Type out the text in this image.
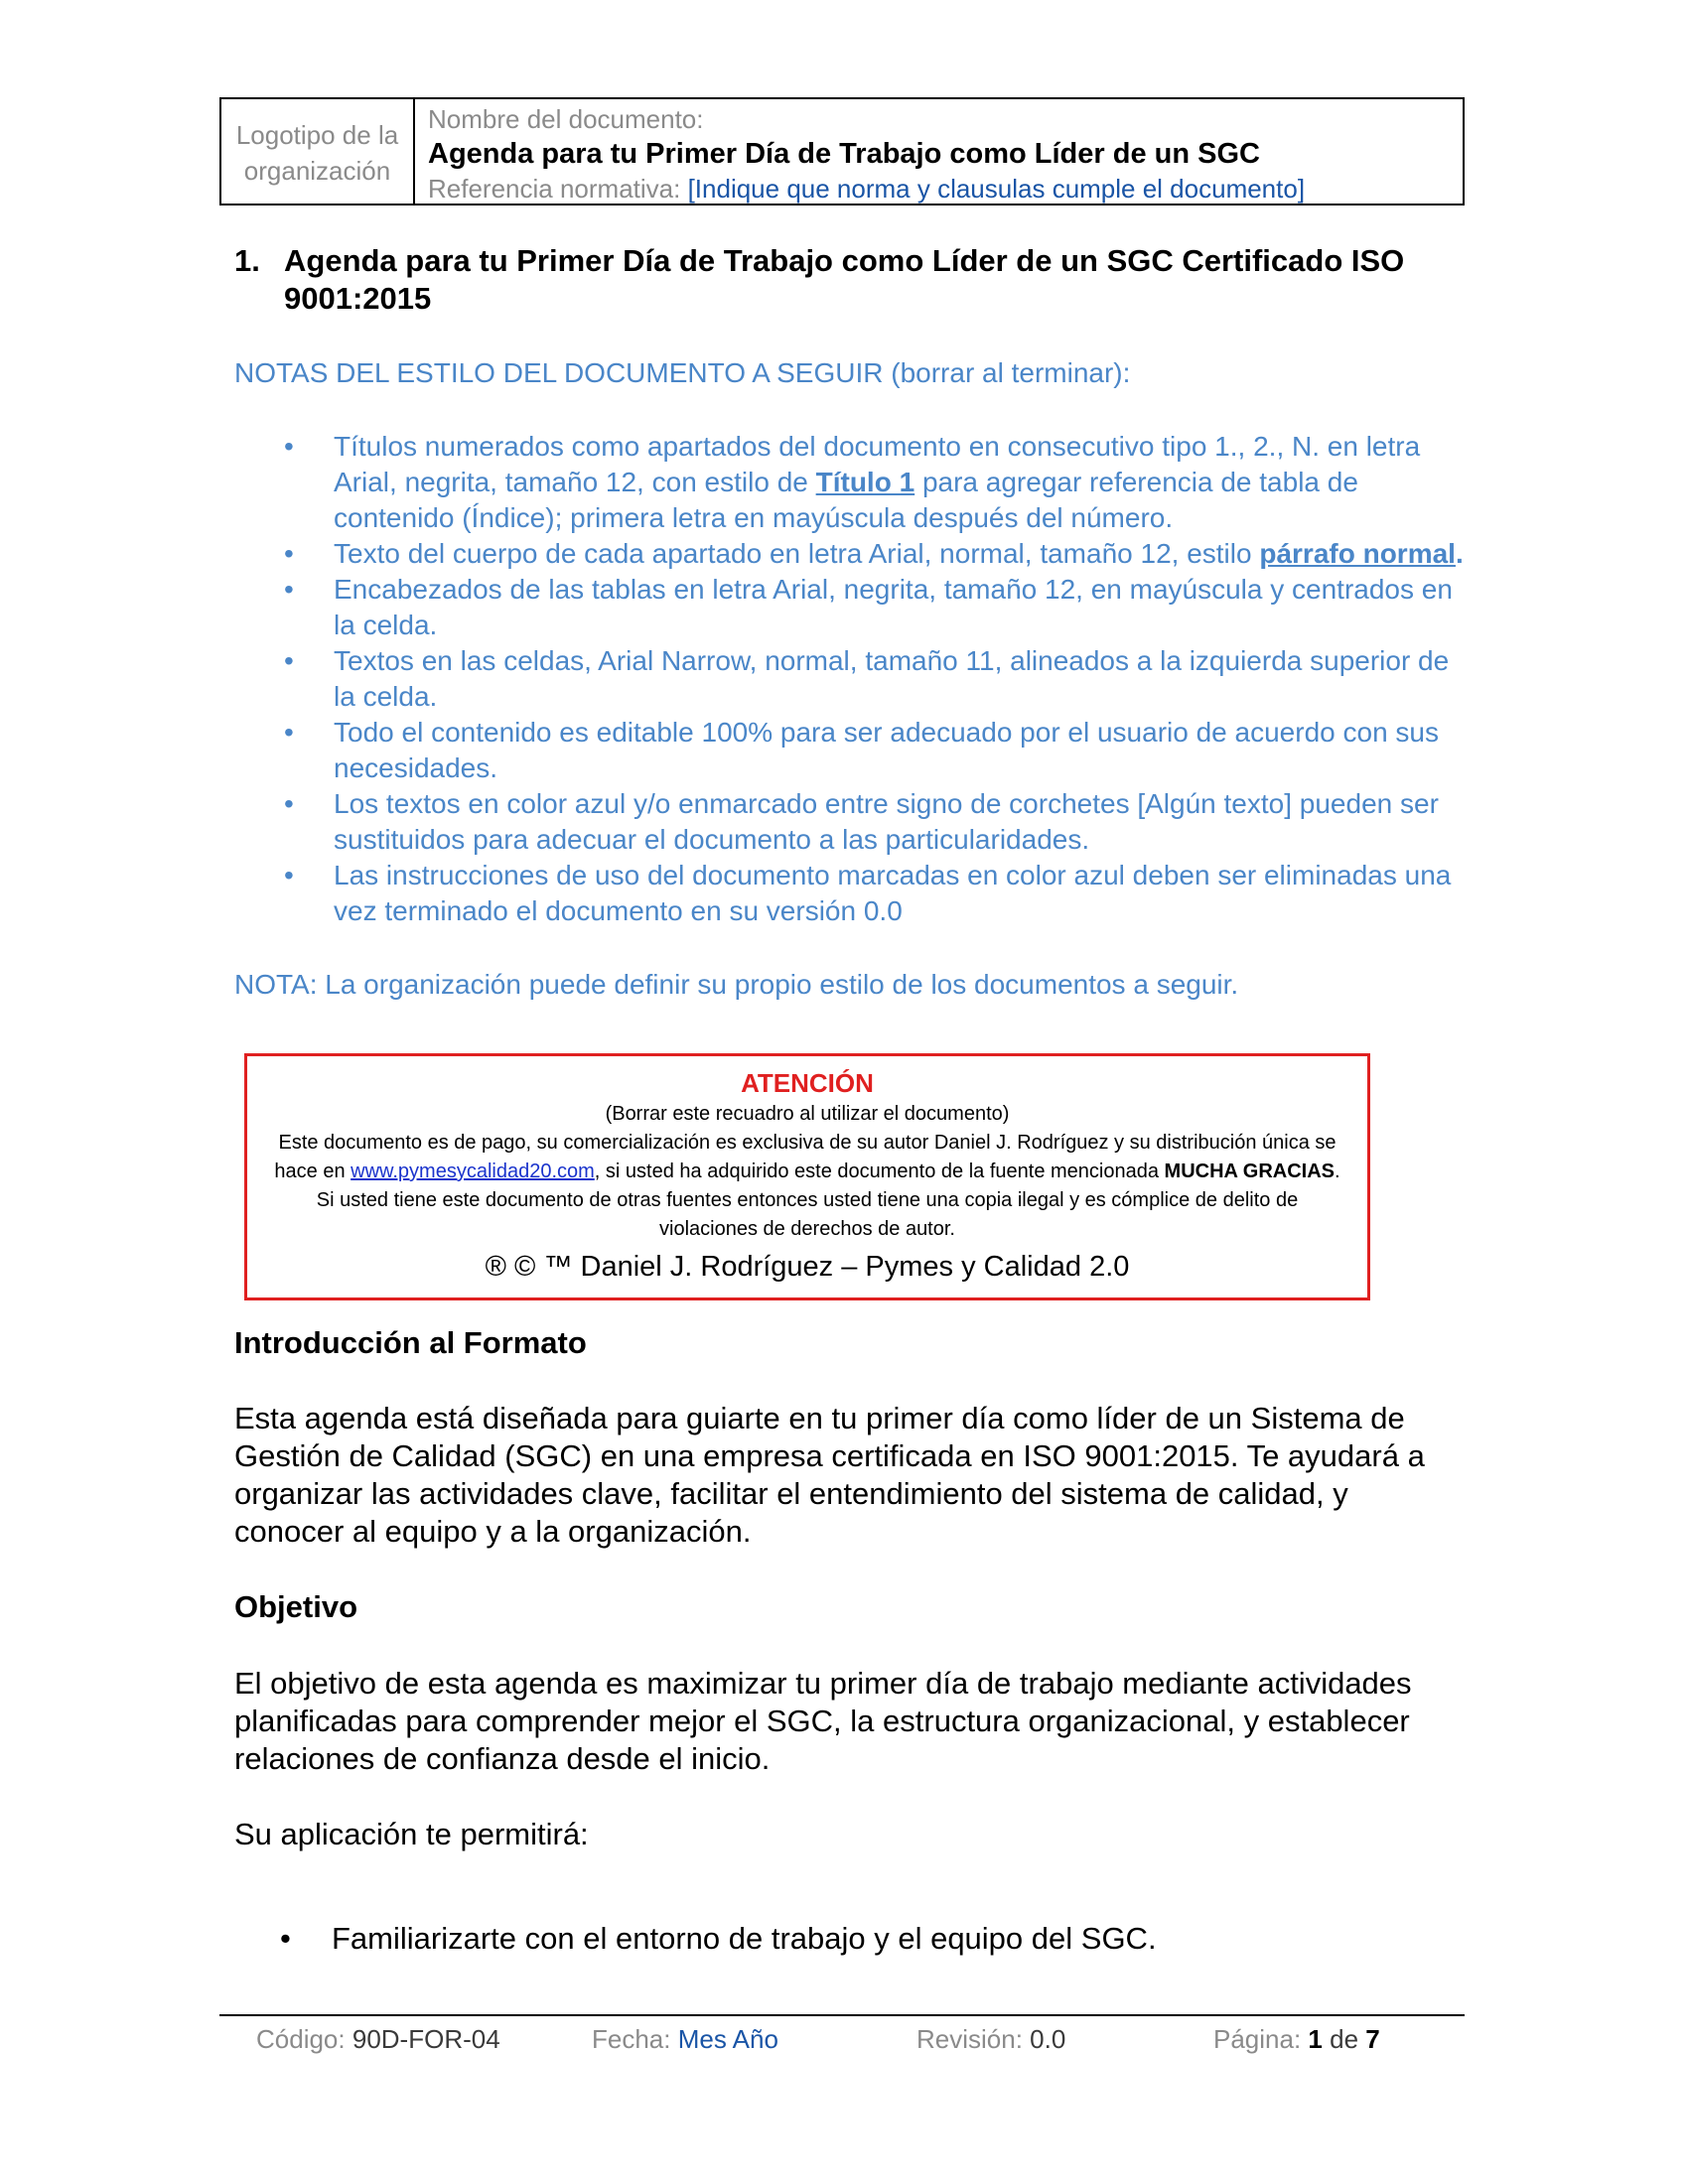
Logotipo de la organización
Nombre del documento:
Agenda para tu Primer Día de Trabajo como Líder de un SGC
Referencia normativa: [Indique que norma y clausulas cumple el documento]
1. Agenda para tu Primer Día de Trabajo como Líder de un SGC Certificado ISO 9001:2015
NOTAS DEL ESTILO DEL DOCUMENTO A SEGUIR (borrar al terminar):
• Títulos numerados como apartados del documento en consecutivo tipo 1., 2., N. en letra Arial, negrita, tamaño 12, con estilo de Título 1 para agregar referencia de tabla de contenido (Índice); primera letra en mayúscula después del número.
• Texto del cuerpo de cada apartado en letra Arial, normal, tamaño 12, estilo párrafo normal.
• Encabezados de las tablas en letra Arial, negrita, tamaño 12, en mayúscula y centrados en la celda.
• Textos en las celdas, Arial Narrow, normal, tamaño 11, alineados a la izquierda superior de la celda.
• Todo el contenido es editable 100% para ser adecuado por el usuario de acuerdo con sus necesidades.
• Los textos en color azul y/o enmarcado entre signo de corchetes [Algún texto] pueden ser sustituidos para adecuar el documento a las particularidades.
• Las instrucciones de uso del documento marcadas en color azul deben ser eliminadas una vez terminado el documento en su versión 0.0
NOTA: La organización puede definir su propio estilo de los documentos a seguir.
ATENCIÓN
(Borrar este recuadro al utilizar el documento)
Este documento es de pago, su comercialización es exclusiva de su autor Daniel J. Rodríguez y su distribución única se
hace en www.pymesycalidad20.com, si usted ha adquirido este documento de la fuente mencionada MUCHA GRACIAS.
Si usted tiene este documento de otras fuentes entonces usted tiene una copia ilegal y es cómplice de delito de
violaciones de derechos de autor.
® © ™ Daniel J. Rodríguez – Pymes y Calidad 2.0
Introducción al Formato
Esta agenda está diseñada para guiarte en tu primer día como líder de un Sistema de Gestión de Calidad (SGC) en una empresa certificada en ISO 9001:2015. Te ayudará a organizar las actividades clave, facilitar el entendimiento del sistema de calidad, y conocer al equipo y a la organización.
Objetivo
El objetivo de esta agenda es maximizar tu primer día de trabajo mediante actividades planificadas para comprender mejor el SGC, la estructura organizacional, y establecer relaciones de confianza desde el inicio.
Su aplicación te permitirá:
• Familiarizarte con el entorno de trabajo y el equipo del SGC.
Código: 90D-FOR-04	Fecha: Mes Año	Revisión: 0.0	Página: 1 de 7
